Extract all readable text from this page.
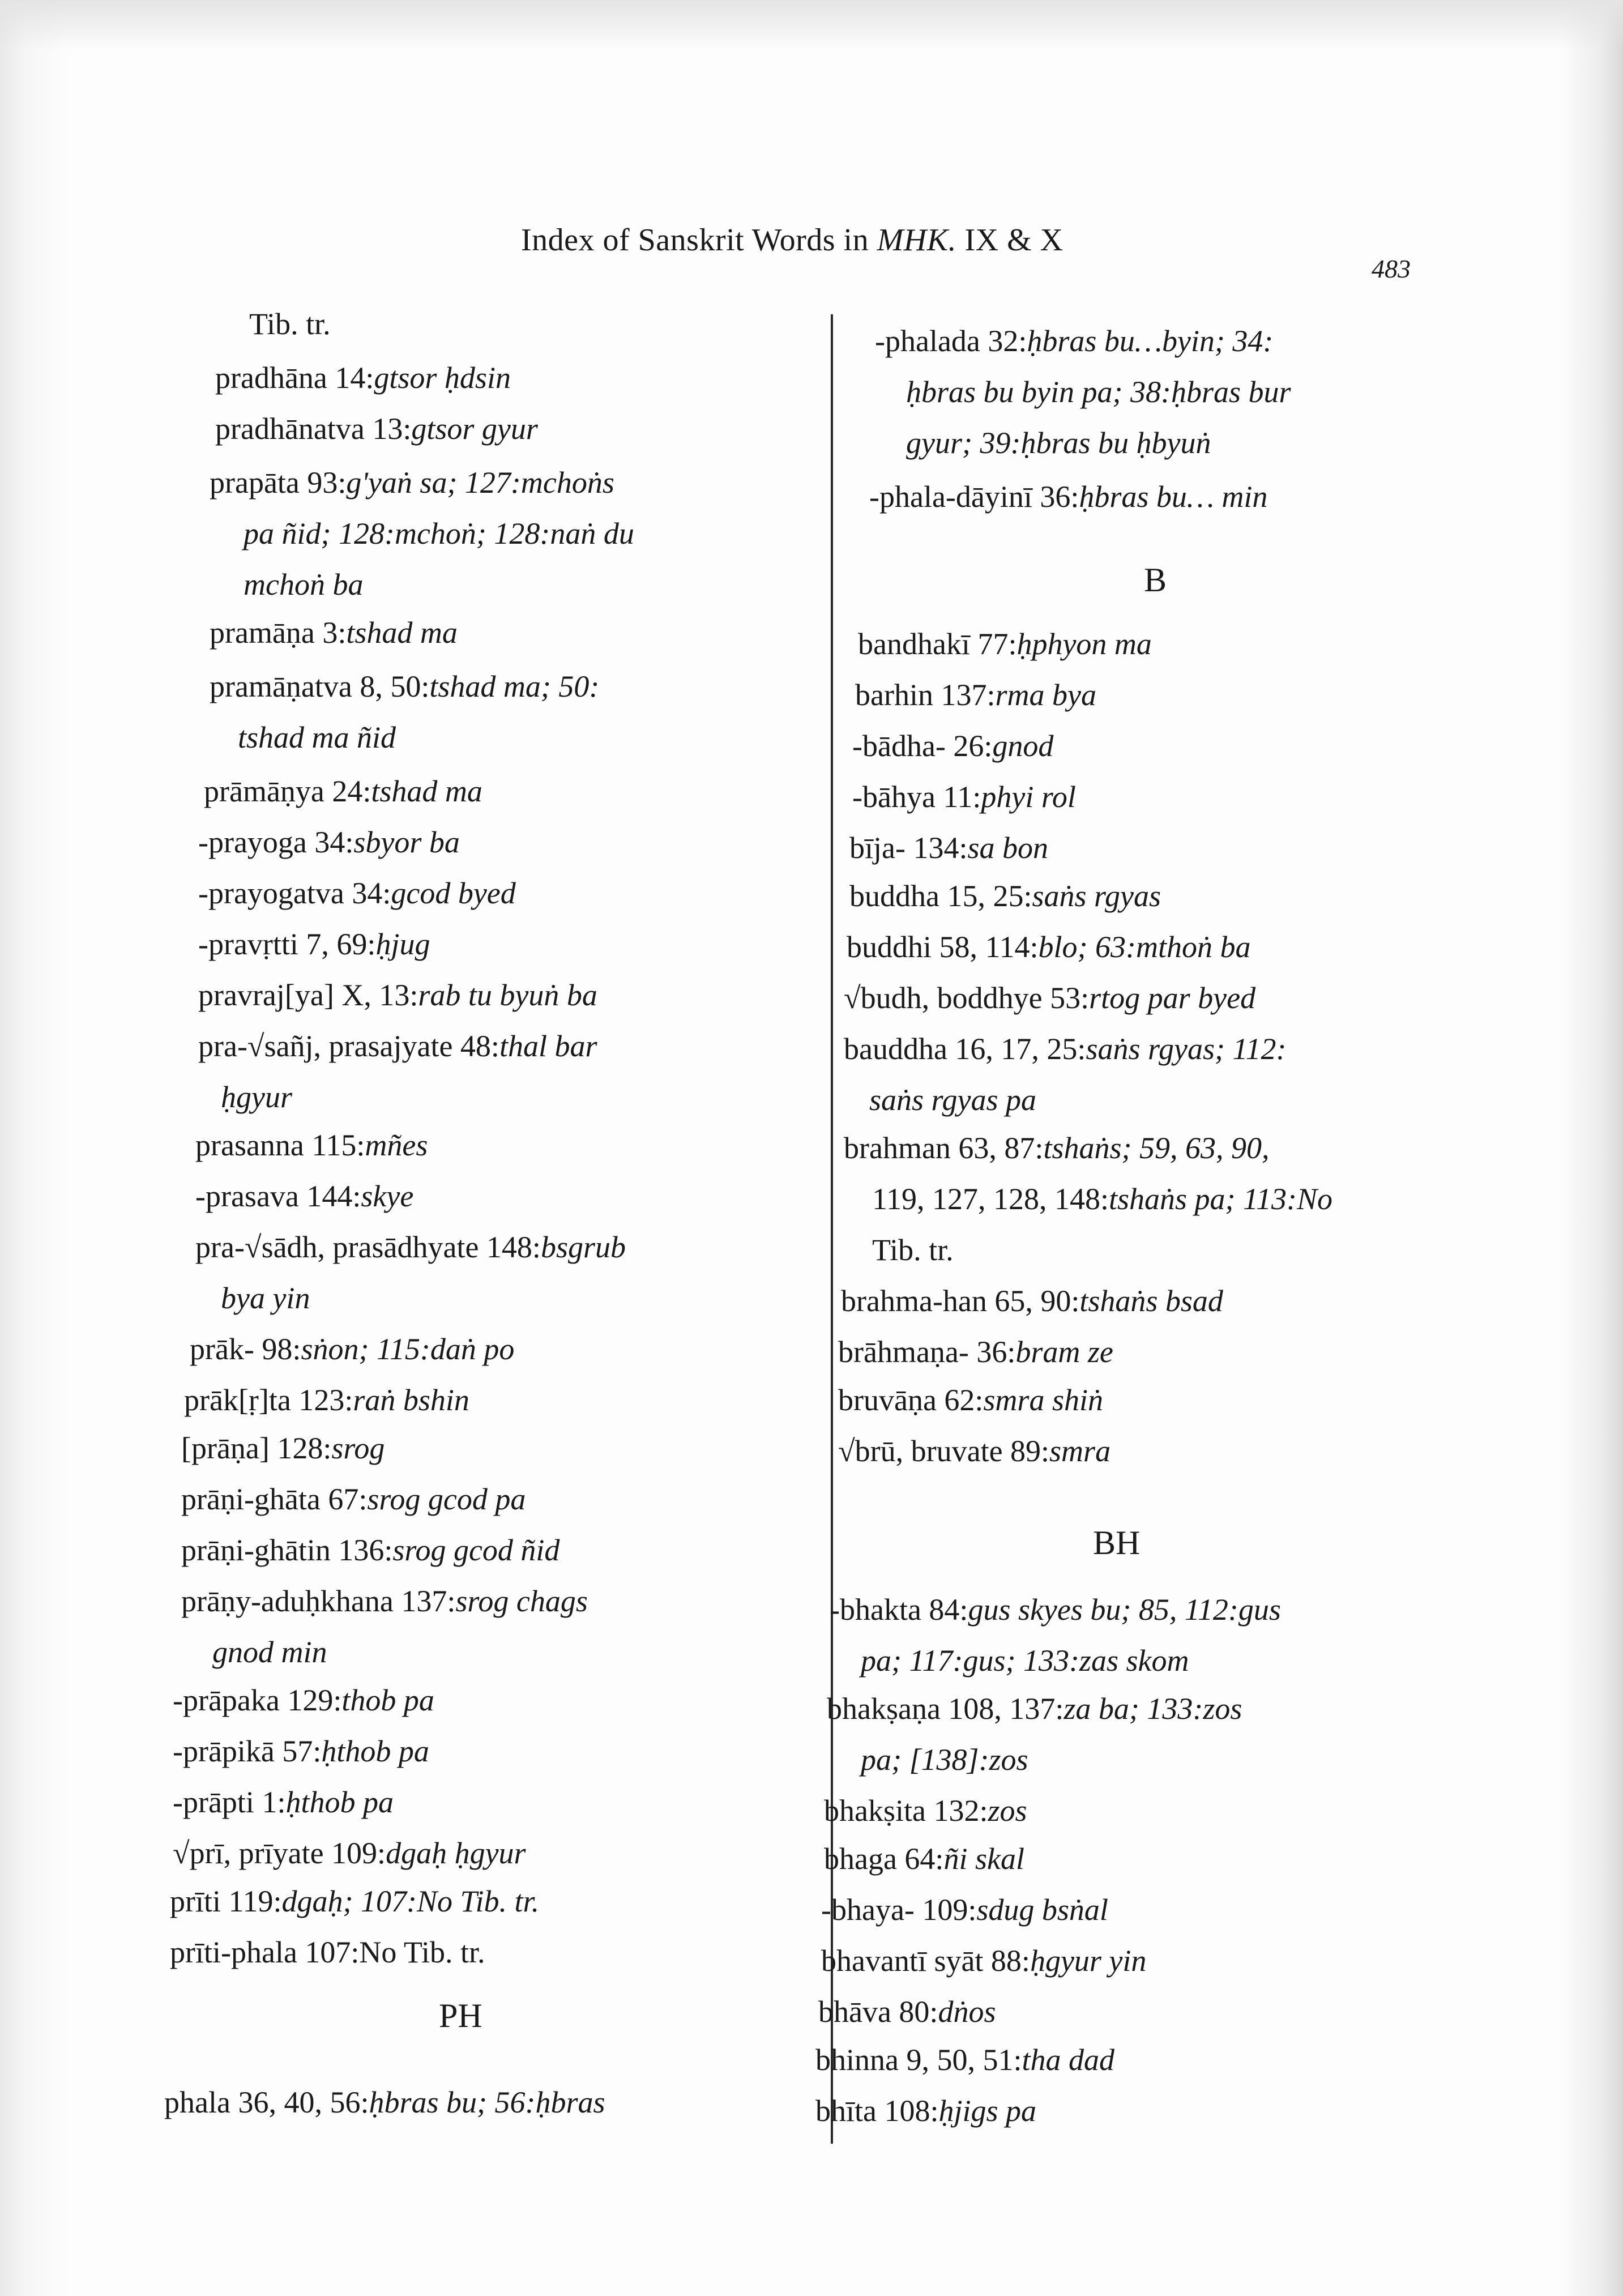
Index of Sanskrit Words in MHK. IX & X
483
Tib. tr.
pradhāna 14:gtsor ḥdsin
pradhānatva 13:gtsor gyur
prapāta 93:g'yaṅ sa; 127:mchoṅs
pa ñid; 128:mchoṅ; 128:naṅ du
mchoṅ ba
pramāṇa 3:tshad ma
pramāṇatva 8, 50:tshad ma; 50:
tshad ma ñid
prāmāṇya 24:tshad ma
-prayoga 34:sbyor ba
-prayogatva 34:gcod byed
-pravṛtti 7, 69:ḥjug
pravraj[ya] X, 13:rab tu byuṅ ba
pra-√sañj, prasajyate 48:thal bar
ḥgyur
prasanna 115:mñes
-prasava 144:skye
pra-√sādh, prasādhyate 148:bsgrub
bya yin
prāk- 98:sṅon; 115:daṅ po
prāk[ṛ]ta 123:raṅ bshin
[prāṇa] 128:srog
prāṇi-ghāta 67:srog gcod pa
prāṇi-ghātin 136:srog gcod ñid
prāṇy-aduḥkhana 137:srog chags
gnod min
-prāpaka 129:thob pa
-prāpikā 57:ḥthob pa
-prāpti 1:ḥthob pa
√prī, prīyate 109:dgaḥ ḥgyur
prīti 119:dgaḥ; 107:No Tib. tr.
prīti-phala 107:No Tib. tr.
PH
phala 36, 40, 56:ḥbras bu; 56:ḥbras
-phalada 32:ḥbras bu…byin; 34:
ḥbras bu byin pa; 38:ḥbras bur
gyur; 39:ḥbras bu ḥbyuṅ
-phala-dāyinī 36:ḥbras bu… min
B
bandhakī 77:ḥphyon ma
barhin 137:rma bya
-bādha- 26:gnod
-bāhya 11:phyi rol
bīja- 134:sa bon
buddha 15, 25:saṅs rgyas
buddhi 58, 114:blo; 63:mthoṅ ba
√budh, boddhye 53:rtog par byed
bauddha 16, 17, 25:saṅs rgyas; 112:
saṅs rgyas pa
brahman 63, 87:tshaṅs; 59, 63, 90,
119, 127, 128, 148:tshaṅs pa; 113:No
Tib. tr.
brahma-han 65, 90:tshaṅs bsad
brāhmaṇa- 36:bram ze
bruvāṇa 62:smra shiṅ
√brū, bruvate 89:smra
BH
-bhakta 84:gus skyes bu; 85, 112:gus
pa; 117:gus; 133:zas skom
bhakṣaṇa 108, 137:za ba; 133:zos
pa; [138]:zos
bhakṣita 132:zos
bhaga 64:ñi skal
-bhaya- 109:sdug bsṅal
bhavantī syāt 88:ḥgyur yin
bhāva 80:dṅos
bhinna 9, 50, 51:tha dad
bhīta 108:ḥjigs pa
